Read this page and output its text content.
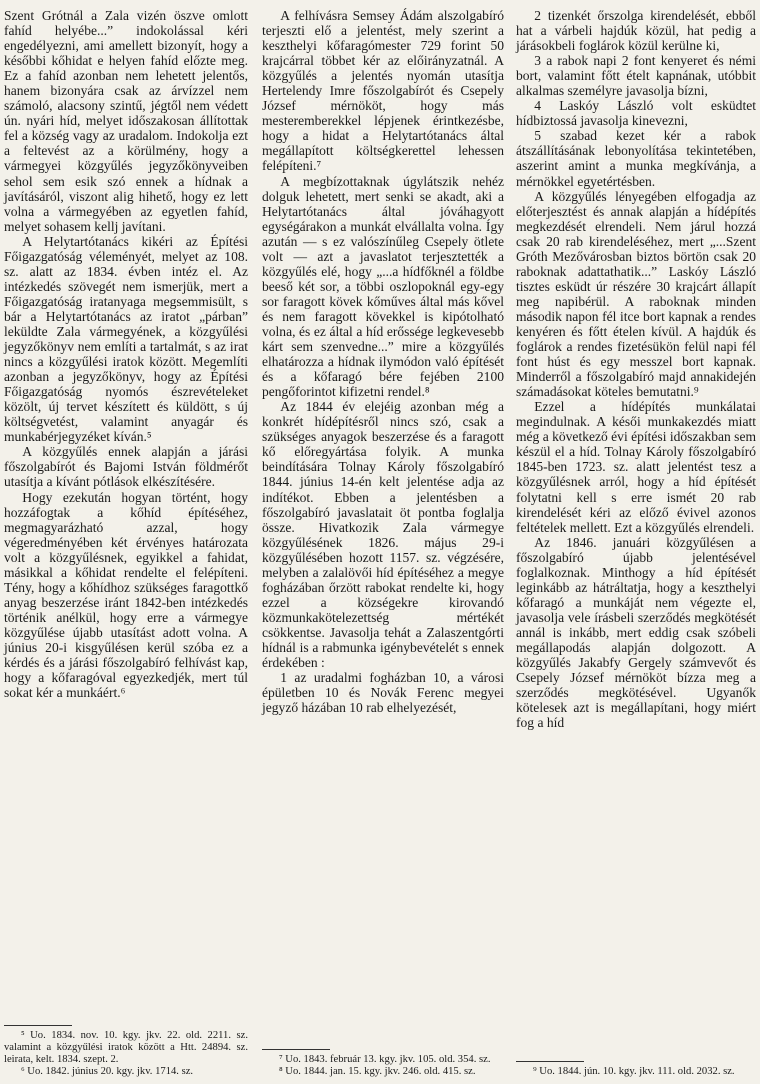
Szent Grótnál a Zala vizén öszve omlott fahíd helyébe...” indokolással kéri engedélyezni, ami amellett bizonyít, hogy a későbbi kőhidat e helyen fahíd előzte meg. Ez a fahíd azonban nem lehetett jelentős, hanem bizonyára csak az árvízzel nem számoló, alacsony szintű, jégtől nem védett ún. nyári híd, melyet időszakosan állítottak fel a község vagy az uradalom. Indokolja ezt a feltevést az a körülmény, hogy a vármegyei közgyűlés jegyzőkönyveiben sehol sem esik szó ennek a hídnak a javításáról, viszont alig hihető, hogy ez lett volna a vármegyében az egyetlen fahíd, melyet sohasem kellj javítani.

A Helytartótanács kikéri az Építési Főigazgatóság véleményét, melyet az 108. sz. alatt az 1834. évben intéz el. Az intézkedés szövegét nem ismerjük, mert a Főigazgatóság iratanyaga megsemmisült, s bár a Helytartótanács az iratot „párban” leküldte Zala vármegyének, a közgyűlési jegyzőkönyv nem említi a tartalmát, s az irat nincs a közgyűlési iratok között. Megemlíti azonban a jegyzőkönyv, hogy az Építési Főigazgatóság nyomós észrevételeket közölt, új tervet készített és küldött, s új költségvetést, valamint anyagár és munkabérjegyzéket kíván.⁵

A közgyűlés ennek alapján a járási főszolgabírót és Bajomi István földmérőt utasítja a kívánt pótlások elkészítésére.

Hogy ezekután hogyan történt, hogy hozzáfogtak a kőhíd építéséhez, megmagyarázható azzal, hogy végeredményében két érvényes határozata volt a közgyűlésnek, egyikkel a fahidat, másikkal a kőhidat rendelte el felépíteni. Tény, hogy a kőhídhoz szükséges faragottkő anyag beszerzése iránt 1842-ben intézkedés történik anélkül, hogy erre a vármegye közgyűlése újabb utasítást adott volna. A június 20-i kisgyűlésen kerül szóba ez a kérdés és a járási főszolgabíró felhívást kap, hogy a kőfaragóval egyezkedjék, mert túl sokat kér a munkáért.⁶

⁵ Uo. 1834. nov. 10. kgy. jkv. 22. old. 2211. sz. valamint a közgyűlési iratok között a Htt. 24894. sz. leirata, kelt. 1834. szept. 2.

⁶ Uo. 1842. június 20. kgy. jkv. 1714. sz.

A felhívásra Semsey Ádám alszolgabíró terjeszti elő a jelentést, mely szerint a keszthelyi kőfaragómester 729 forint 50 krajcárral többet kér az előirányzatnál. A közgyűlés a jelentés nyomán utasítja Hertelendy Imre főszolgabírót és Csepely József mérnököt, hogy más mesteremberekkel lépjenek érintkezésbe, hogy a hidat a Helytartótanács által megállapított költségkerettel lehessen felépíteni.⁷

A megbízottaknak úgylátszik nehéz dolguk lehetett, mert senki se akadt, aki a Helytartótanács által jóváhagyott egységárakon a munkát elvállalta volna. Így azután — s ez valószínűleg Csepely ötlete volt — azt a javaslatot terjesztették a közgyűlés elé, hogy „...a hídfőknél a földbe beeső két sor, a többi oszlopoknál egy-egy sor faragott kövek kőműves által más kővel és nem faragott kövekkel is kipótolható volna, és ez által a híd erőssége legkevesebb kárt sem szenvedne...” mire a közgyűlés elhatározza a hídnak ilymódon való építését és a kőfaragó bére fejében 2100 pengőforintot kifizetni rendel.⁸

Az 1844 év elejéig azonban még a konkrét hídépítésről nincs szó, csak a szükséges anyagok beszerzése és a faragott kő előregyártása folyik. A munka beindítására Tolnay Károly főszolgabíró 1844. június 14-én kelt jelentése adja az indítékot. Ebben a jelentésben a főszolgabíró javaslatait öt pontba foglalja össze. Hivatkozik Zala vármegye közgyűlésének 1826. május 29-i közgyűlésében hozott 1157. sz. végzésére, melyben a zalalövői híd építéséhez a megye fogházában őrzött rabokat rendelte ki, hogy ezzel a községekre kirovandó közmunkakötelezettség mértékét csökkentse. Javasolja tehát a Zalaszentgórti hídnál is a rabmunka igénybevételét s ennek érdekében :

1 az uradalmi fogházban 10, a városi épületben 10 és Novák Ferenc megyei jegyző házában 10 rab elhelyezését,

⁷ Uo. 1843. február 13. kgy. jkv. 105. old. 354. sz.

⁸ Uo. 1844. jan. 15. kgy. jkv. 246. old. 415. sz.

2 tizenkét őrszolga kirendelését, ebből hat a várbeli hajdúk közül, hat pedig a járásokbeli foglárok közül kerülne ki,

3 a rabok napi 2 font kenyeret és némi bort, valamint főtt ételt kapnának, utóbbit alkalmas személyre javasolja bízni,

4 Laskóy László volt esküdtet hídbiztossá javasolja kinevezni,

5 szabad kezet kér a rabok átszállításának lebonyolítása tekintetében, aszerint amint a munka megkívánja, a mérnökkel egyetértésben.

A közgyűlés lényegében elfogadja az előterjesztést és annak alapján a hídépítés megkezdését elrendeli. Nem járul hozzá csak 20 rab kirendeléséhez, mert „...Szent Gróth Mezővárosban biztos börtön csak 20 raboknak adattathatik...” Laskóy László tisztes esküdt úr részére 30 krajcárt állapít meg napibérül. A raboknak minden második napon fél itce bort kapnak a rendes kenyéren és főtt ételen kívül. A hajdúk és foglárok a rendes fizetésükön felül napi fél font húst és egy messzel bort kapnak. Minderről a főszolgabíró majd annakidején számadásokat köteles bemutatni.⁹

Ezzel a hídépítés munkálatai megindulnak. A késői munkakezdés miatt még a következő évi építési időszakban sem készül el a híd. Tolnay Károly főszolgabíró 1845-ben 1723. sz. alatt jelentést tesz a közgyűlésnek arról, hogy a híd építését folytatni kell s erre ismét 20 rab kirendelését kéri az előző évivel azonos feltételek mellett. Ezt a közgyűlés elrendeli.

Az 1846. januári közgyűlésen a főszolgabíró újabb jelentésével foglalkoznak. Minthogy a híd építését leginkább az hátráltatja, hogy a keszthelyi kőfaragó a munkáját nem végezte el, javasolja vele írásbeli szerződés megkötését annál is inkább, mert eddig csak szóbeli megállapodás alapján dolgozott. A közgyűlés Jakabfy Gergely számvevőt és Csepely József mérnököt bízza meg a szerződés megkötésével. Ugyanők kötelesek azt is megállapítani, hogy miért fog a híd

⁹ Uo. 1844. jún. 10. kgy. jkv. 111. old. 2032. sz.
